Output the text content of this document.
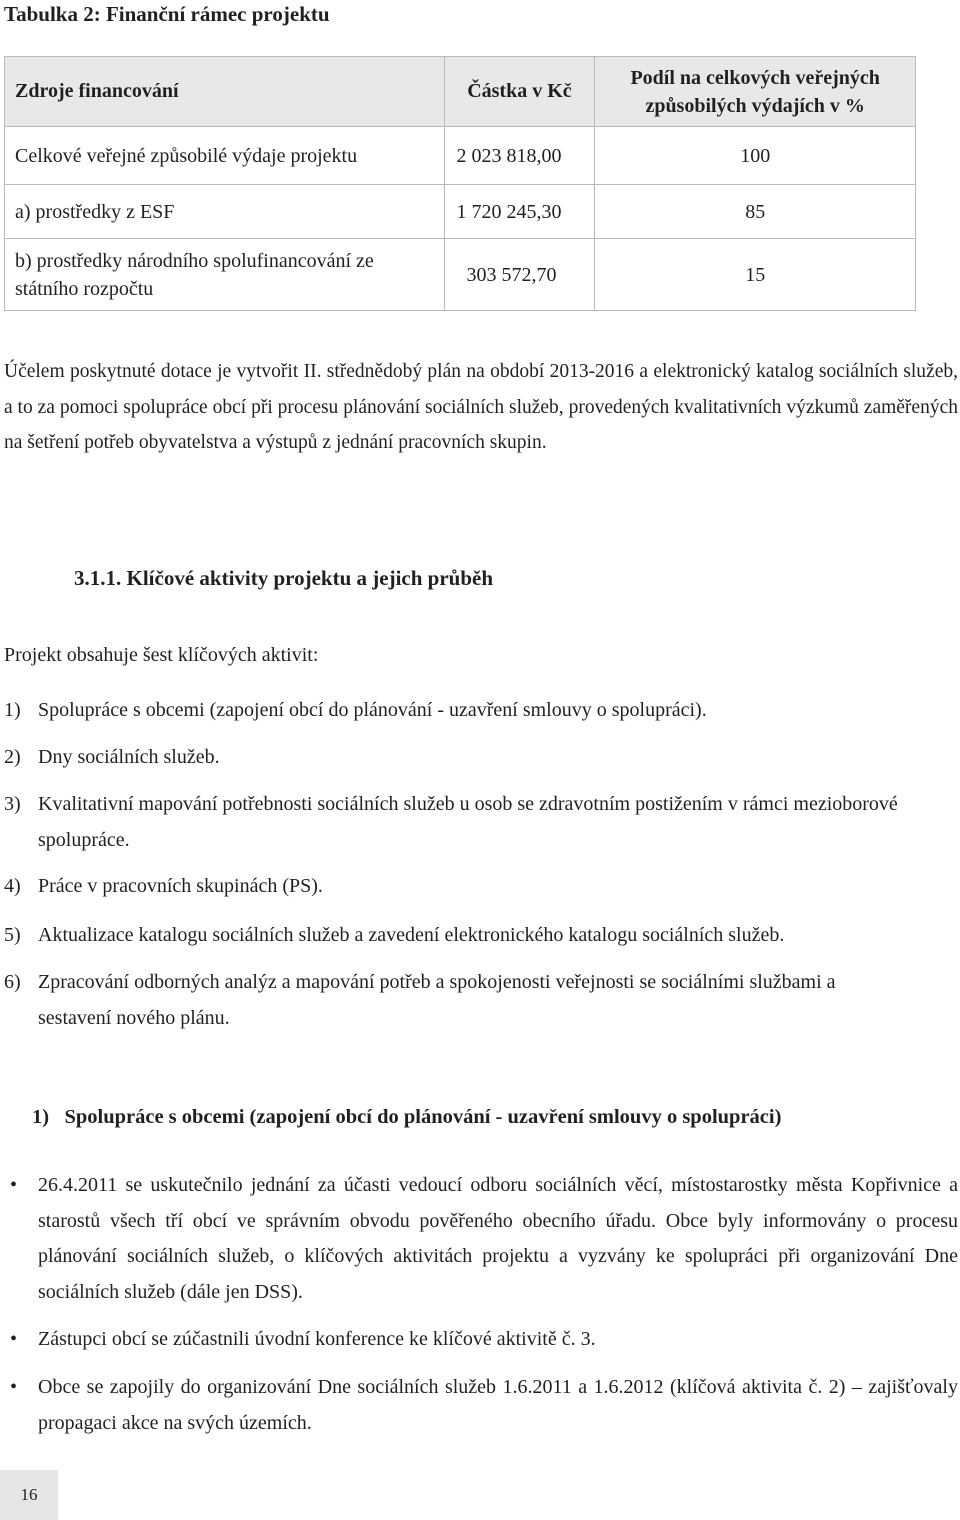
Tabulka 2: Finanční rámec projektu
Zdroje financování	Částka v Kč	Podíl na celkových veřejných způsobilých výdajích v %
Celkové veřejné způsobilé výdaje projektu	2 023 818,00	100
a) prostředky z ESF	1 720 245,30	85
b) prostředky národního spolufinancování ze státního rozpočtu	303 572,70	15
Účelem poskytnuté dotace je vytvořit II. střednědobý plán na období 2013-2016 a elektronický katalog sociálních služeb, a to za pomoci spolupráce obcí při procesu plánování sociálních služeb, provedených kvalitativních výzkumů zaměřených na šetření potřeb obyvatelstva a výstupů z jednání pracovních skupin.
3.1.1. Klíčové aktivity projektu a jejich průběh
Projekt obsahuje šest klíčových aktivit:
1) Spolupráce s obcemi (zapojení obcí do plánování - uzavření smlouvy o spolupráci).
2) Dny sociálních služeb.
3) Kvalitativní mapování potřebnosti sociálních služeb u osob se zdravotním postižením v rámci mezioborové spolupráce.
4) Práce v pracovních skupinách (PS).
5) Aktualizace katalogu sociálních služeb a zavedení elektronického katalogu sociálních služeb.
6) Zpracování odborných analýz a mapování potřeb a spokojenosti veřejnosti se sociálními službami a sestavení nového plánu.
1)   Spolupráce s obcemi (zapojení obcí do plánování - uzavření smlouvy o spolupráci)
• 26.4.2011 se uskutečnilo jednání za účasti vedoucí odboru sociálních věcí, místostarostky města Kopřivnice a starostů všech tří obcí ve správním obvodu pověřeného obecního úřadu. Obce byly informovány o procesu plánování sociálních služeb, o klíčových aktivitách projektu a vyzvány ke spolupráci při organizování Dne sociálních služeb (dále jen DSS).
• Zástupci obcí se zúčastnili úvodní konference ke klíčové aktivitě č. 3.
• Obce se zapojily do organizování Dne sociálních služeb 1.6.2011 a 1.6.2012 (klíčová aktivita č. 2) – zajišťovaly propagaci akce na svých územích.
16
